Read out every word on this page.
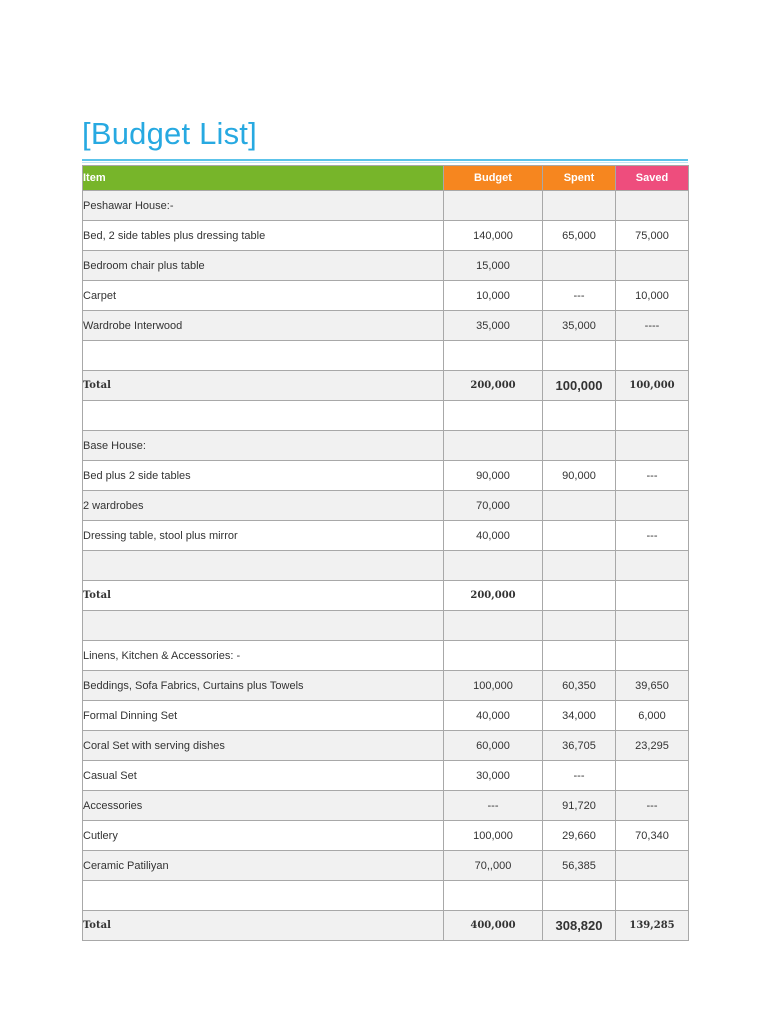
[Budget List]
Item	Budget	Spent	Saved
Peshawar House:-			
Bed, 2 side tables plus dressing table	140,000	65,000	75,000
Bedroom chair plus table	15,000		
Carpet	10,000	---	10,000
Wardrobe Interwood	35,000	35,000	----

Total	200,000	100,000	100,000

Base House:			
Bed plus 2 side tables	90,000	90,000	---
2 wardrobes	70,000		
Dressing table, stool plus mirror	40,000		---

Total	200,000		

Linens, Kitchen & Accessories: -			
Beddings, Sofa Fabrics, Curtains plus Towels	100,000	60,350	39,650
Formal Dinning Set	40,000	34,000	6,000
Coral Set with serving dishes	60,000	36,705	23,295
Casual Set	30,000	---	
Accessories	---	91,720	---
Cutlery	100,000	29,660	70,340
Ceramic Patiliyan	70,,000	56,385	

Total	400,000	308,820	139,285
